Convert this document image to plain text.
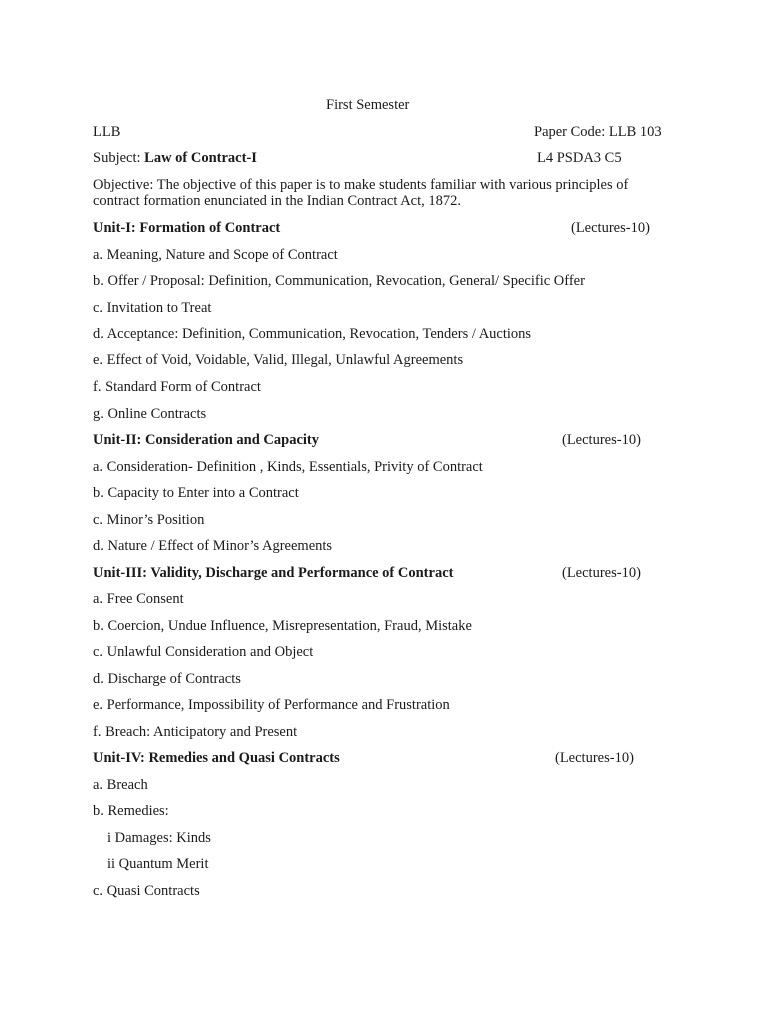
First Semester
LLB	Paper Code: LLB 103
Subject: Law of Contract-I	L4 PSDA3 C5
Objective: The objective of this paper is to make students familiar with various principles of
contract formation enunciated in the Indian Contract Act, 1872.
Unit-I: Formation of Contract	(Lectures-10)
a. Meaning, Nature and Scope of Contract
b. Offer / Proposal: Definition, Communication, Revocation, General/ Specific Offer
c. Invitation to Treat
d. Acceptance: Definition, Communication, Revocation, Tenders / Auctions
e. Effect of Void, Voidable, Valid, Illegal, Unlawful Agreements
f. Standard Form of Contract
g. Online Contracts
Unit-II: Consideration and Capacity	(Lectures-10)
a. Consideration- Definition , Kinds, Essentials, Privity of Contract
b. Capacity to Enter into a Contract
c. Minor’s Position
d. Nature / Effect of Minor’s Agreements
Unit-III: Validity, Discharge and Performance of Contract	(Lectures-10)
a. Free Consent
b. Coercion, Undue Influence, Misrepresentation, Fraud, Mistake
c. Unlawful Consideration and Object
d. Discharge of Contracts
e. Performance, Impossibility of Performance and Frustration
f. Breach: Anticipatory and Present
Unit-IV: Remedies and Quasi Contracts	(Lectures-10)
a. Breach
b. Remedies:
i Damages: Kinds
ii Quantum Merit
c. Quasi Contracts
